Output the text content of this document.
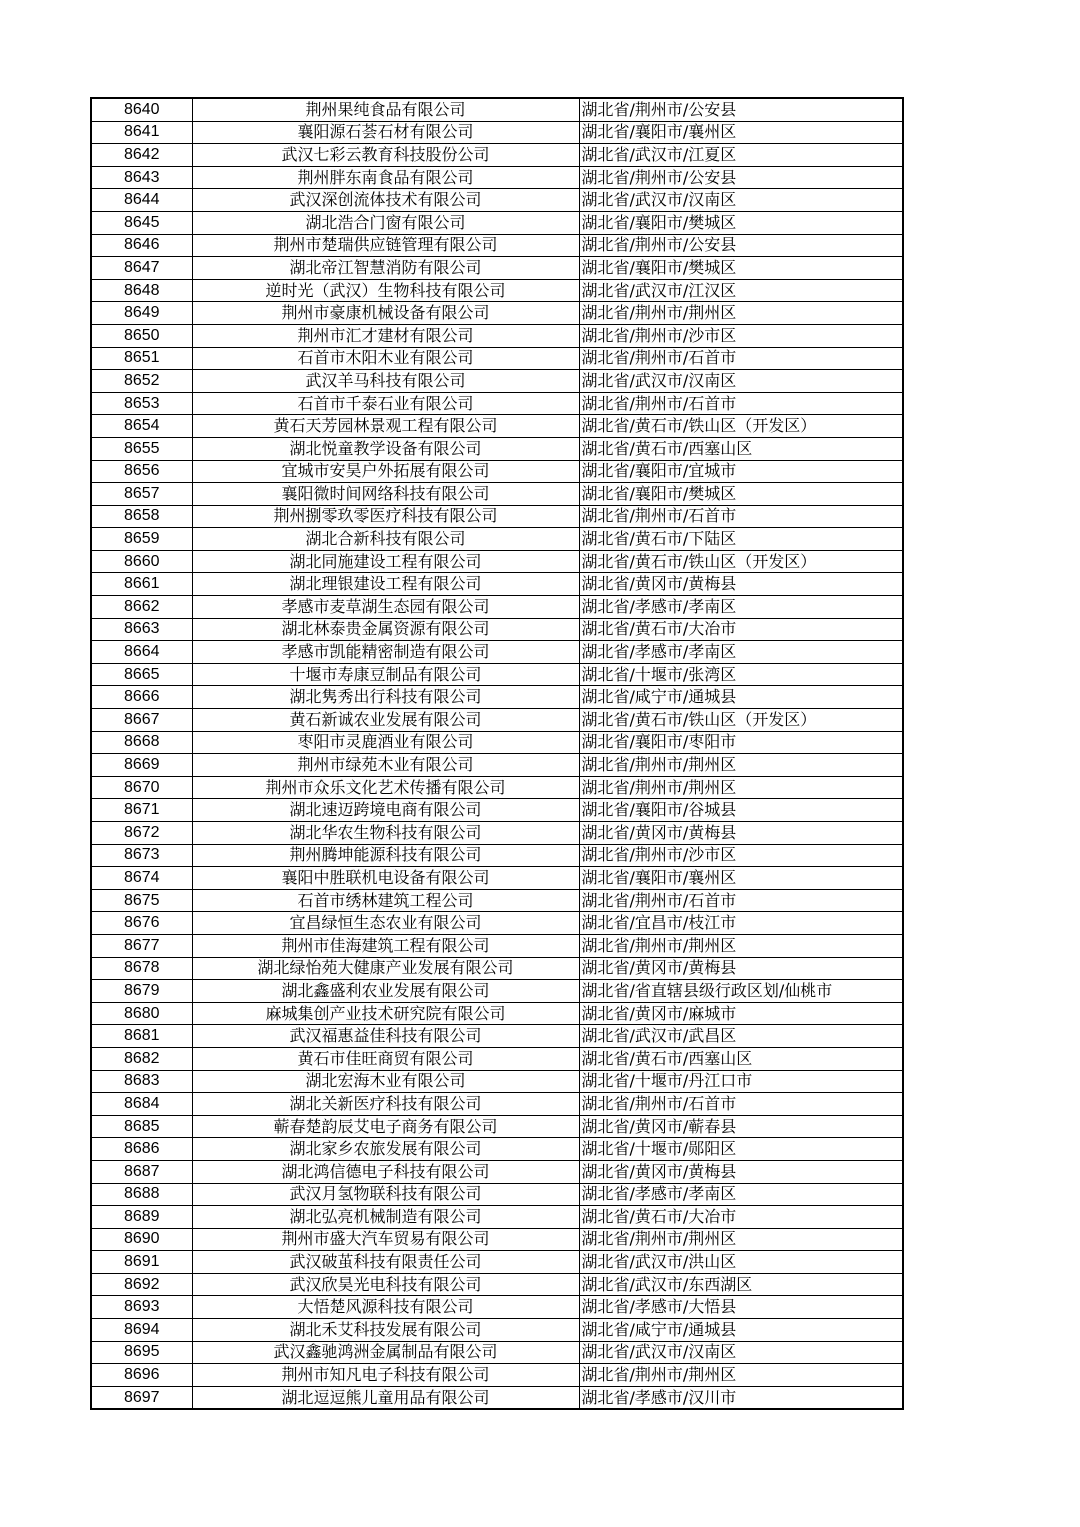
8640	荆州果纯食品有限公司	湖北省/荆州市/公安县
8641	襄阳源石荟石材有限公司	湖北省/襄阳市/襄州区
8642	武汉七彩云教育科技股份公司	湖北省/武汉市/江夏区
8643	荆州胖东南食品有限公司	湖北省/荆州市/公安县
8644	武汉深创流体技术有限公司	湖北省/武汉市/汉南区
8645	湖北浩合门窗有限公司	湖北省/襄阳市/樊城区
8646	荆州市楚瑞供应链管理有限公司	湖北省/荆州市/公安县
8647	湖北帝江智慧消防有限公司	湖北省/襄阳市/樊城区
8648	逆时光（武汉）生物科技有限公司	湖北省/武汉市/江汉区
8649	荆州市豪康机械设备有限公司	湖北省/荆州市/荆州区
8650	荆州市汇才建材有限公司	湖北省/荆州市/沙市区
8651	石首市木阳木业有限公司	湖北省/荆州市/石首市
8652	武汉羊马科技有限公司	湖北省/武汉市/汉南区
8653	石首市千泰石业有限公司	湖北省/荆州市/石首市
8654	黄石天芳园林景观工程有限公司	湖北省/黄石市/铁山区（开发区）
8655	湖北悦童教学设备有限公司	湖北省/黄石市/西塞山区
8656	宜城市安昊户外拓展有限公司	湖北省/襄阳市/宜城市
8657	襄阳微时间网络科技有限公司	湖北省/襄阳市/樊城区
8658	荆州捌零玖零医疗科技有限公司	湖北省/荆州市/石首市
8659	湖北合新科技有限公司	湖北省/黄石市/下陆区
8660	湖北同施建设工程有限公司	湖北省/黄石市/铁山区（开发区）
8661	湖北理银建设工程有限公司	湖北省/黄冈市/黄梅县
8662	孝感市麦草湖生态园有限公司	湖北省/孝感市/孝南区
8663	湖北林泰贵金属资源有限公司	湖北省/黄石市/大冶市
8664	孝感市凯能精密制造有限公司	湖北省/孝感市/孝南区
8665	十堰市寿康豆制品有限公司	湖北省/十堰市/张湾区
8666	湖北隽秀出行科技有限公司	湖北省/咸宁市/通城县
8667	黄石新诚农业发展有限公司	湖北省/黄石市/铁山区（开发区）
8668	枣阳市灵鹿酒业有限公司	湖北省/襄阳市/枣阳市
8669	荆州市绿苑木业有限公司	湖北省/荆州市/荆州区
8670	荆州市众乐文化艺术传播有限公司	湖北省/荆州市/荆州区
8671	湖北速迈跨境电商有限公司	湖北省/襄阳市/谷城县
8672	湖北华农生物科技有限公司	湖北省/黄冈市/黄梅县
8673	荆州腾坤能源科技有限公司	湖北省/荆州市/沙市区
8674	襄阳中胜联机电设备有限公司	湖北省/襄阳市/襄州区
8675	石首市绣林建筑工程公司	湖北省/荆州市/石首市
8676	宜昌绿恒生态农业有限公司	湖北省/宜昌市/枝江市
8677	荆州市佳海建筑工程有限公司	湖北省/荆州市/荆州区
8678	湖北绿怡苑大健康产业发展有限公司	湖北省/黄冈市/黄梅县
8679	湖北鑫盛利农业发展有限公司	湖北省/省直辖县级行政区划/仙桃市
8680	麻城集创产业技术研究院有限公司	湖北省/黄冈市/麻城市
8681	武汉福惠益佳科技有限公司	湖北省/武汉市/武昌区
8682	黄石市佳旺商贸有限公司	湖北省/黄石市/西塞山区
8683	湖北宏海木业有限公司	湖北省/十堰市/丹江口市
8684	湖北关新医疗科技有限公司	湖北省/荆州市/石首市
8685	蕲春楚韵辰艾电子商务有限公司	湖北省/黄冈市/蕲春县
8686	湖北家乡农旅发展有限公司	湖北省/十堰市/郧阳区
8687	湖北鸿信德电子科技有限公司	湖北省/黄冈市/黄梅县
8688	武汉月氢物联科技有限公司	湖北省/孝感市/孝南区
8689	湖北弘亮机械制造有限公司	湖北省/黄石市/大冶市
8690	荆州市盛大汽车贸易有限公司	湖北省/荆州市/荆州区
8691	武汉破茧科技有限责任公司	湖北省/武汉市/洪山区
8692	武汉欣昊光电科技有限公司	湖北省/武汉市/东西湖区
8693	大悟楚风源科技有限公司	湖北省/孝感市/大悟县
8694	湖北禾艾科技发展有限公司	湖北省/咸宁市/通城县
8695	武汉鑫驰鸿洲金属制品有限公司	湖北省/武汉市/汉南区
8696	荆州市知凡电子科技有限公司	湖北省/荆州市/荆州区
8697	湖北逗逗熊儿童用品有限公司	湖北省/孝感市/汉川市
